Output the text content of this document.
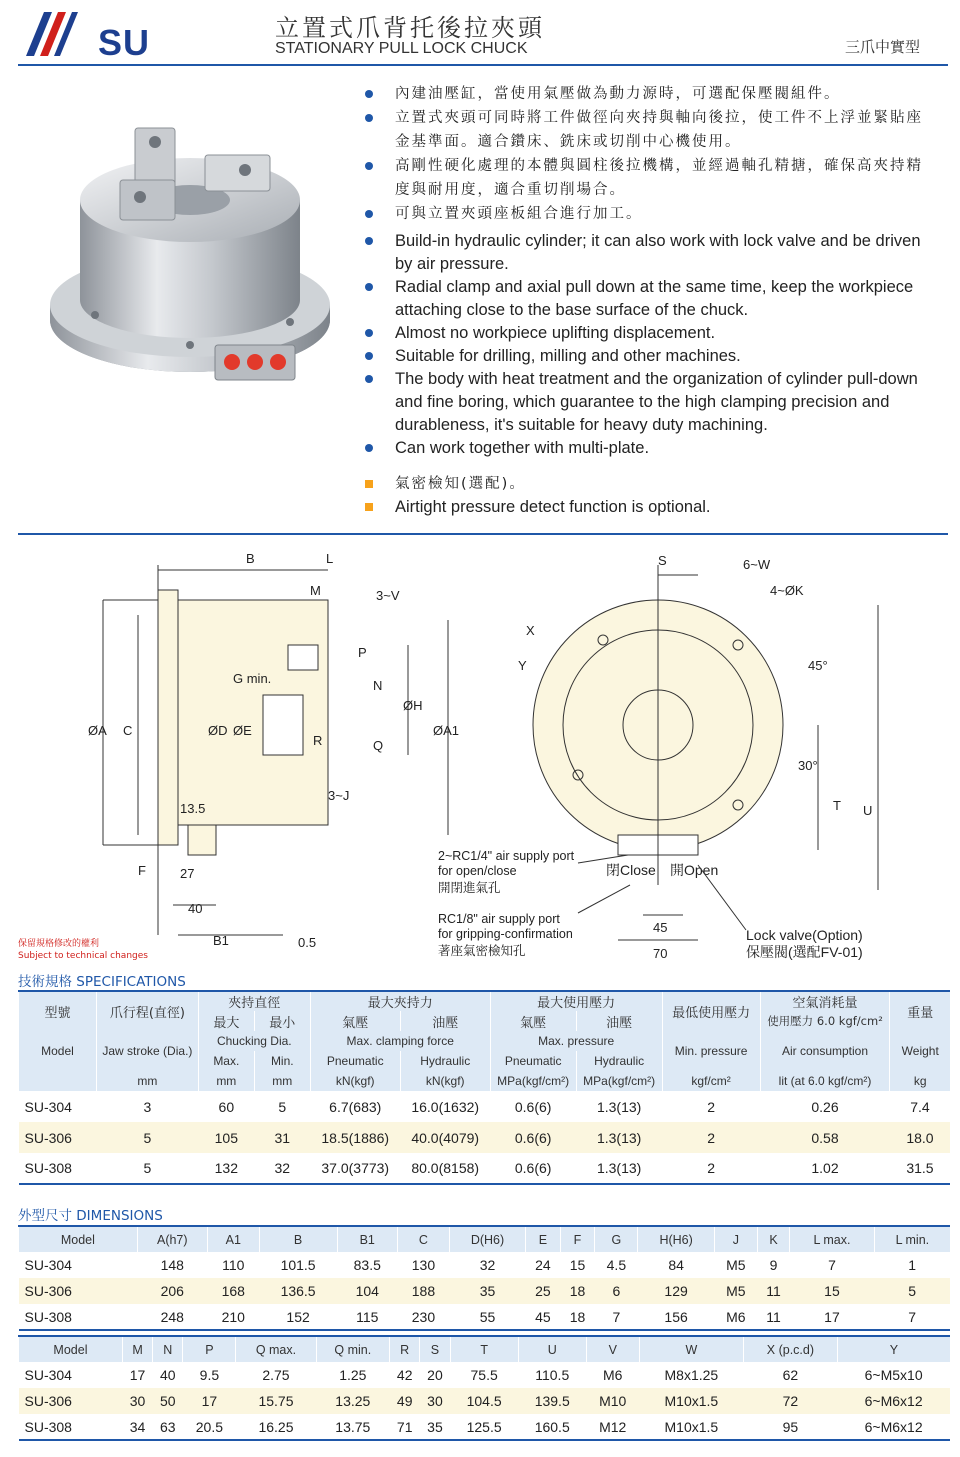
SU	立置式爪背托後拉夾頭
STATIONARY PULL LOCK CHUCK	三爪中實型
內建油壓缸，當使用氣壓做為動力源時，可選配保壓閥組件。
立置式夾頭可同時將工件做徑向夾持與軸向後拉，使工件不上浮並緊貼座金基準面。適合鑽床、銑床或切削中心機使用。
高剛性硬化處理的本體與圓柱後拉機構，並經過軸孔精搪，確保高夾持精度與耐用度，適合重切削場合。
可與立置夾頭座板組合進行加工。
Build-in hydraulic cylinder; it can also work with lock valve and be driven by air pressure.
Radial clamp and axial pull down at the same time, keep the workpiece attaching close to the base surface of the chuck.
Almost no workpiece uplifting displacement.
Suitable for drilling, milling and other machines.
The body with heat treatment and the organization of cylinder pull-down and fine boring, which guarantee to the high clamping precision and durableness, it's suitable for heavy duty machining.
Can work together with multi-plate.
氣密檢知(選配)。
Airtight pressure detect function is optional.
B	L
M	3~V
P
G min.	N
ØH
ØA C	ØD ØE
R	Q
ØA1
3~J
13.5
F	27
40
B1	0.5
S	6~W
4~ØK
X
Y	45°
30°
T U
45
70
2~RC1/4" air supply port
for open/close
開閉進氣孔
RC1/8" air supply port
for gripping-confirmation
著座氣密檢知孔
閉Close 開Open
Lock valve(Option)
保壓閥(選配FV-01)
保留規格修改的權利
Subject to technical changes
技術規格 SPECIFICATIONS
型號	爪行程(直徑)	夾持直徑		最大夾持力		最大使用壓力		最低使用壓力	空氣消耗量	重量
		最大	最小	氣壓	油壓	氣壓	油壓		使用壓力 6.0 kgf/cm²	
Model	Jaw stroke (Dia.)	Chucking Dia.		Max. clamping force		Max. pressure		Min. pressure	Air consumption	Weight
		Max.	Min.	Pneumatic	Hydraulic	Pneumatic	Hydraulic			
	mm	mm	mm	kN(kgf)	kN(kgf)	MPa(kgf/cm²)	MPa(kgf/cm²)	kgf/cm²	lit (at 6.0 kgf/cm²)	kg
SU-304	3	60	5	6.7(683)	16.0(1632)	0.6(6)	1.3(13)	2	0.26	7.4
SU-306	5	105	31	18.5(1886)	40.0(4079)	0.6(6)	1.3(13)	2	0.58	18.0
SU-308	5	132	32	37.0(3773)	80.0(8158)	0.6(6)	1.3(13)	2	1.02	31.5
外型尺寸 DIMENSIONS
Model	A(h7)	A1	B	B1	C	D(H6)	E	F	G	H(H6)	J	K	L max.	L min.
SU-304	148	110	101.5	83.5	130	32	24	15	4.5	84	M5	9	7	1
SU-306	206	168	136.5	104	188	35	25	18	6	129	M5	11	15	5
SU-308	248	210	152	115	230	55	45	18	7	156	M6	11	17	7
Model	M	N	P	Q max.	Q min.	R	S	T	U	V	W	X (p.c.d)	Y
SU-304	17	40	9.5	2.75	1.25	42	20	75.5	110.5	M6	M8x1.25	62	6~M5x10
SU-306	30	50	17	15.75	13.25	49	30	104.5	139.5	M10	M10x1.5	72	6~M6x12
SU-308	34	63	20.5	16.25	13.75	71	35	125.5	160.5	M12	M10x1.5	95	6~M6x12
